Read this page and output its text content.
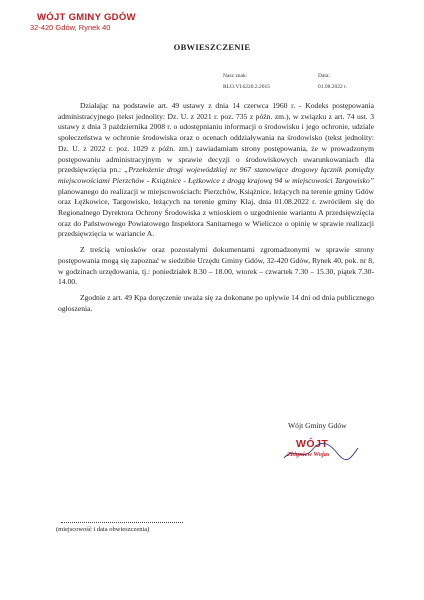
WÓJT GMINY GDÓW
32-420 Gdów, Rynek 40
OBWIESZCZENIE
Nasz znak:
RLO.VI.6220.2.2015
Data:
01.08.2022 r.

Działając na podstawie art. 49 ustawy z dnia 14 czerwca 1960 r. - Kodeks postępowania administracyjnego (tekst jednolity: Dz. U. z 2021 r. poz. 735 z późn. zm.), w związku z art. 74 ust. 3 ustawy z dnia 3 października 2008 r. o udostępnianiu informacji o środowisku i jego ochronie, udziale społeczeństwa w ochronie środowiska oraz o ocenach oddziaływania na środowisko (tekst jednolity: Dz. U. z 2022 r. poz. 1029 z późn. zm.) zawiadamiam strony postępowania, że w prowadzonym postępowaniu administracyjnym w sprawie decyzji o środowiskowych uwarunkowaniach dla przedsięwzięcia pn.: „Przełożenie drogi wojewódzkiej nr 967 stanowiące drogowy łącznik pomiędzy miejscowościami Pierzchów - Książnice - Łężkowice z drogą krajową 94 w miejscowości Targowisko” planowanego do realizacji w miejscowościach: Pierzchów, Książnice, leżących na terenie gminy Gdów oraz Łężkowice, Targowisko, leżących na terenie gminy Kłaj, dnia 01.08.2022 r. zwróciłem się do Regionalnego Dyrektora Ochrony Środowiska z wnioskiem o uzgodnienie wariantu A przedsięwzięcia oraz do Państwowego Powiatowego Inspektora Sanitarnego w Wieliczce o opinię w sprawie realizacji przedsięwzięcia w wariancie A.

Z treścią wniosków oraz pozostałymi dokumentami zgromadzonymi w sprawie strony postępowania mogą się zapoznać w siedzibie Urzędu Gminy Gdów, 32-420 Gdów, Rynek 40, pok. nr 8, w godzinach urzędowania, tj.: poniedziałek 8.30 – 18.00, wtorek – czwartek 7.30 – 15.30, piątek 7.30-14.00.

Zgodnie z art. 49 Kpa doręczenie uważa się za dokonane po upływie 14 dni od dnia publicznego ogłoszenia.

Wójt Gminy Gdów
WÓJT
Zbigniew Wojas
(miejscowość i data obwieszczenia)
